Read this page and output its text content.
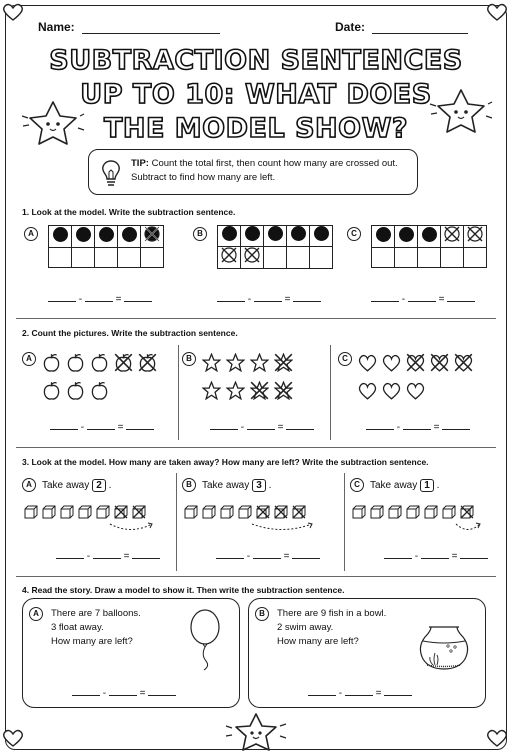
Name:	Date:
SUBTRACTION SENTENCES
UP TO 10: WHAT DOES
THE MODEL SHOW?
TIP: Count the total first, then count how many are crossed out. Subtract to find how many are left.
1. Look at the model. Write the subtraction sentence.
A

-	=
B

-	=
C

-	=
2. Count the pictures. Write the subtraction sentence.
A
-	=
B
-	=
C
-	=
3. Look at the model. How many are taken away? How many are left? Write the subtraction sentence.
A	Take away 2 .
-	=
B	Take away 3 .
-	=
C	Take away 1 .
-	=
4. Read the story. Draw a model to show it. Then write the subtraction sentence.
A	There are 7 balloons.
3 float away.
How many are left?
-	=
B	There are 9 fish in a bowl.
2 swim away.
How many are left?
-	=
